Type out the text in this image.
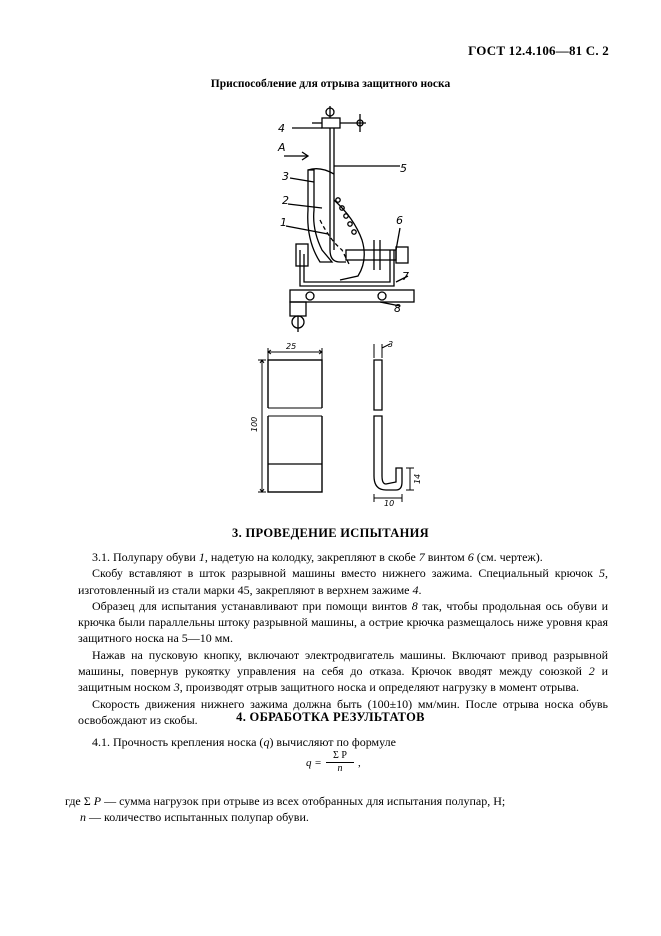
ГОСТ 12.4.106—81 С. 2
Приспособление для отрыва защитного носка
4
А
5
3
2
1	6
7
8
25
100
3
14
10
3. ПРОВЕДЕНИЕ ИСПЫТАНИЯ

3.1. Полупару обуви 1, надетую на колодку, закрепляют в скобе 7 винтом 6 (см. чертеж).

Скобу вставляют в шток разрывной машины вместо нижнего зажима. Специальный крючок 5, изготовленный из стали марки 45, закрепляют в верхнем зажиме 4.

Образец для испытания устанавливают при помощи винтов 8 так, чтобы продольная ось обуви и крючка были параллельны штоку разрывной машины, а острие крючка размещалось ниже уровня края защитного носка на 5—10 мм.

Нажав на пусковую кнопку, включают электродвигатель машины. Включают привод разрывной машины, повернув рукоятку управления на себя до отказа. Крючок вводят между союзкой 2 и защитным носком 3, производят отрыв защитного носка и определяют нагрузку в момент отрыва.

Скорость движения нижнего зажима должна быть (100±10) мм/мин. После отрыва носка обувь освобождают из скобы.	4. ОБРАБОТКА РЕЗУЛЬТАТОВ

4.1. Прочность крепления носка (q) вычисляют по формуле

$q = \frac{\text{Σ P}}{n}$ ,

где Σ P — сумма нагрузок при отрыве из всех отобранных для испытания полупар, Н;

n — количество испытанных полупар обуви.
